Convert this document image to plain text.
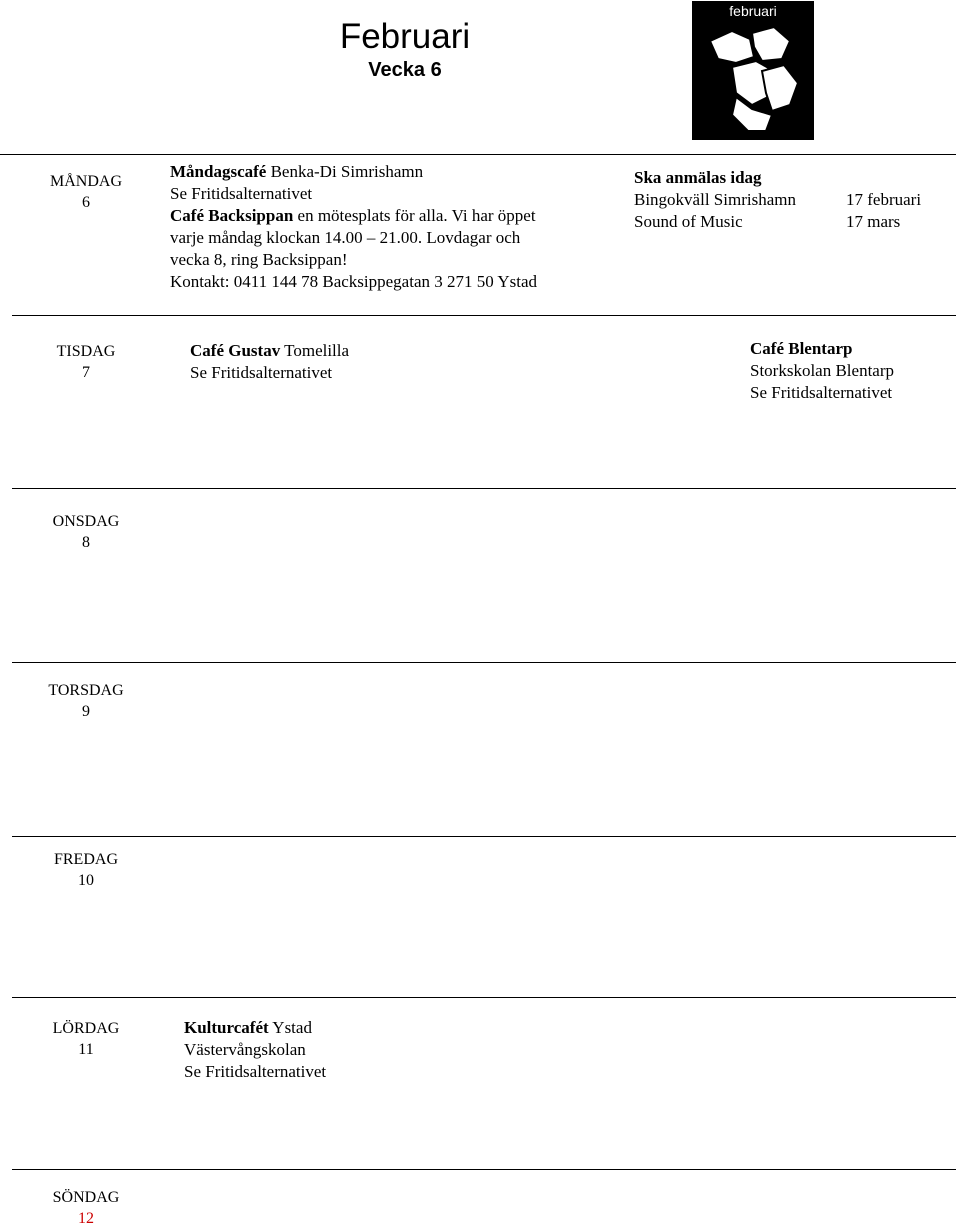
Februari
Vecka 6
februari
MÅNDAG
6
Måndagscafé Benka-Di Simrishamn
Se Fritidsalternativet
Café Backsippan en mötesplats för alla. Vi har öppet
varje måndag klockan 14.00 – 21.00. Lovdagar och
vecka 8, ring Backsippan!
Kontakt: 0411 144 78 Backsippegatan 3 271 50 Ystad
Ska anmälas idag
Bingokväll Simrishamn	17 februari
Sound of Music	17 mars
TISDAG
7
Café Gustav Tomelilla
Se Fritidsalternativet
Café Blentarp
Storkskolan Blentarp
Se Fritidsalternativet
ONSDAG
8
TORSDAG
9
FREDAG
10
LÖRDAG
11
Kulturcafét Ystad
Västervångskolan
Se Fritidsalternativet
SÖNDAG
12
